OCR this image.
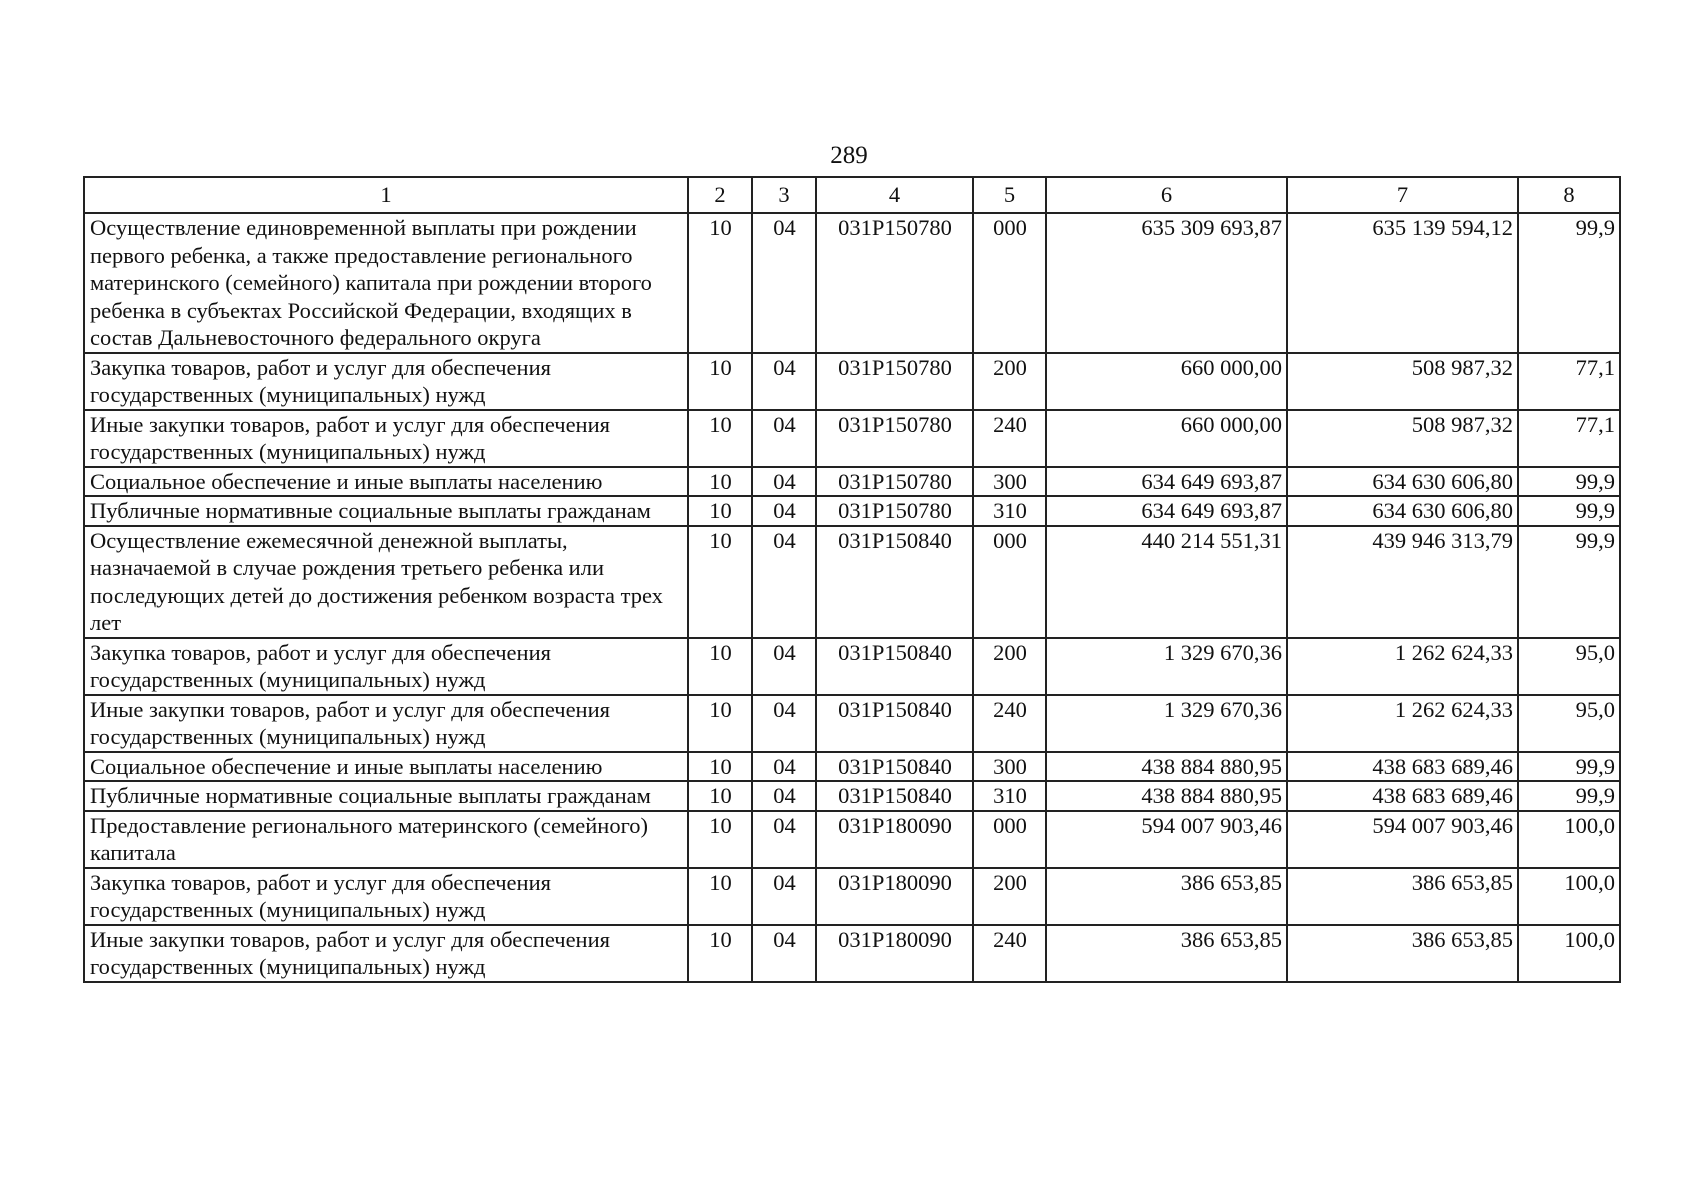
289
1	2	3	4	5	6	7	8
Осуществление единовременной выплаты при рождении первого ребенка, а также предоставление регионального материнского (семейного) капитала при рождении второго ребенка в субъектах Российской Федерации, входящих в состав Дальневосточного федерального округа	10	04	031Р150780	000	635 309 693,87	635 139 594,12	99,9
Закупка товаров, работ и услуг для обеспечения государственных (муниципальных) нужд	10	04	031Р150780	200	660 000,00	508 987,32	77,1
Иные закупки товаров, работ и услуг для обеспечения государственных (муниципальных) нужд	10	04	031Р150780	240	660 000,00	508 987,32	77,1
Социальное обеспечение и иные выплаты населению	10	04	031Р150780	300	634 649 693,87	634 630 606,80	99,9
Публичные нормативные социальные выплаты гражданам	10	04	031Р150780	310	634 649 693,87	634 630 606,80	99,9
Осуществление ежемесячной денежной выплаты, назначаемой в случае рождения третьего ребенка или последующих детей до достижения ребенком возраста трех лет	10	04	031Р150840	000	440 214 551,31	439 946 313,79	99,9
Закупка товаров, работ и услуг для обеспечения государственных (муниципальных) нужд	10	04	031Р150840	200	1 329 670,36	1 262 624,33	95,0
Иные закупки товаров, работ и услуг для обеспечения государственных (муниципальных) нужд	10	04	031Р150840	240	1 329 670,36	1 262 624,33	95,0
Социальное обеспечение и иные выплаты населению	10	04	031Р150840	300	438 884 880,95	438 683 689,46	99,9
Публичные нормативные социальные выплаты гражданам	10	04	031Р150840	310	438 884 880,95	438 683 689,46	99,9
Предоставление регионального материнского (семейного) капитала	10	04	031Р180090	000	594 007 903,46	594 007 903,46	100,0
Закупка товаров, работ и услуг для обеспечения государственных (муниципальных) нужд	10	04	031Р180090	200	386 653,85	386 653,85	100,0
Иные закупки товаров, работ и услуг для обеспечения государственных (муниципальных) нужд	10	04	031Р180090	240	386 653,85	386 653,85	100,0
